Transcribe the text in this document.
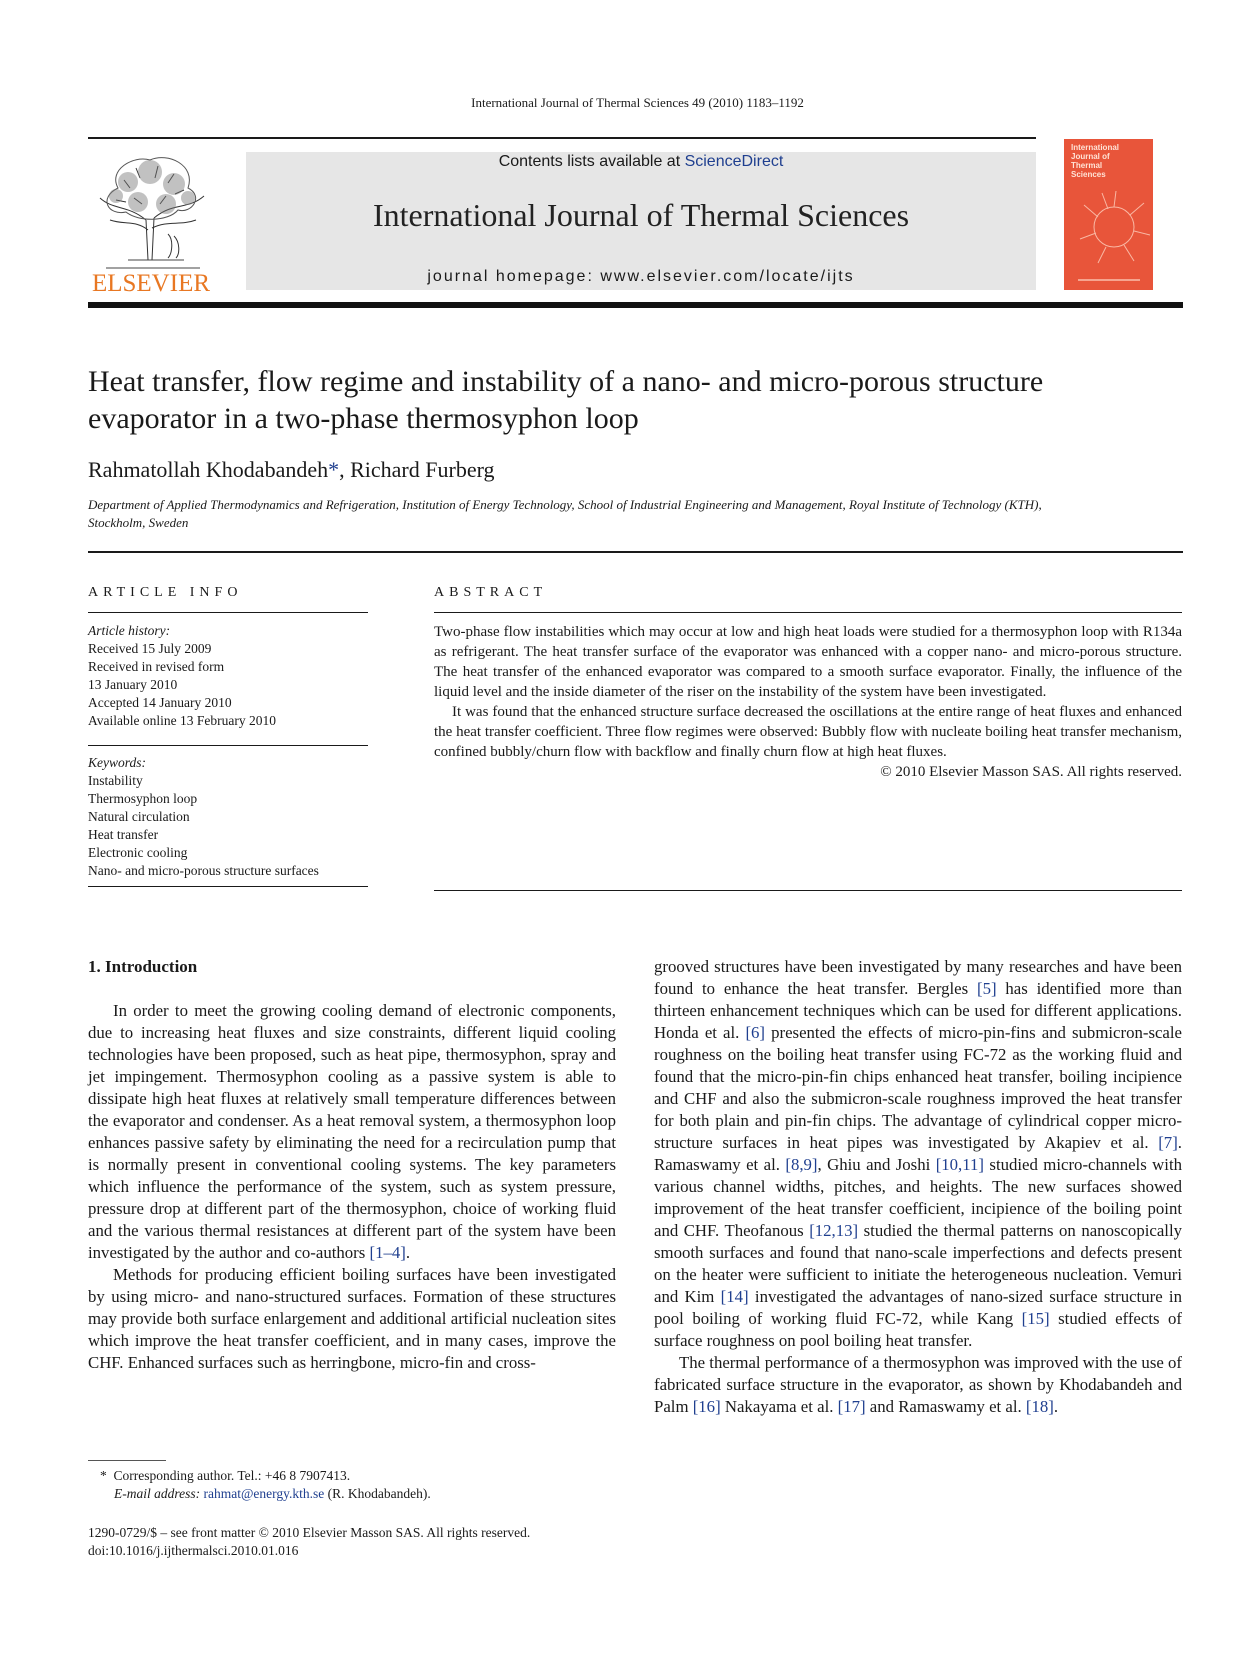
International Journal of Thermal Sciences 49 (2010) 1183–1192
ELSEVIER
Contents lists available at ScienceDirect
International Journal of Thermal Sciences
journal homepage: www.elsevier.com/locate/ijts
International
Journal of
Thermal
Sciences
Heat transfer, flow regime and instability of a nano- and micro-porous structure evaporator in a two-phase thermosyphon loop
Rahmatollah Khodabandeh*, Richard Furberg
Department of Applied Thermodynamics and Refrigeration, Institution of Energy Technology, School of Industrial Engineering and Management, Royal Institute of Technology (KTH), Stockholm, Sweden
ARTICLE INFO
Article history:
Received 15 July 2009
Received in revised form
13 January 2010
Accepted 14 January 2010
Available online 13 February 2010
Keywords:
Instability
Thermosyphon loop
Natural circulation
Heat transfer
Electronic cooling
Nano- and micro-porous structure surfaces
ABSTRACT

Two-phase flow instabilities which may occur at low and high heat loads were studied for a thermosyphon loop with R134a as refrigerant. The heat transfer surface of the evaporator was enhanced with a copper nano- and micro-porous structure. The heat transfer of the enhanced evaporator was compared to a smooth surface evaporator. Finally, the influence of the liquid level and the inside diameter of the riser on the instability of the system have been investigated.

It was found that the enhanced structure surface decreased the oscillations at the entire range of heat fluxes and enhanced the heat transfer coefficient. Three flow regimes were observed: Bubbly flow with nucleate boiling heat transfer mechanism, confined bubbly/churn flow with backflow and finally churn flow at high heat fluxes.

© 2010 Elsevier Masson SAS. All rights reserved.

1. Introduction

In order to meet the growing cooling demand of electronic components, due to increasing heat fluxes and size constraints, different liquid cooling technologies have been proposed, such as heat pipe, thermosyphon, spray and jet impingement. Thermosyphon cooling as a passive system is able to dissipate high heat fluxes at relatively small temperature differences between the evaporator and condenser. As a heat removal system, a thermosyphon loop enhances passive safety by eliminating the need for a recirculation pump that is normally present in conventional cooling systems. The key parameters which influence the performance of the system, such as system pressure, pressure drop at different part of the thermosyphon, choice of working fluid and the various thermal resistances at different part of the system have been investigated by the author and co-authors [1–4].

Methods for producing efficient boiling surfaces have been investigated by using micro- and nano-structured surfaces. Formation of these structures may provide both surface enlargement and additional artificial nucleation sites which improve the heat transfer coefficient, and in many cases, improve the CHF. Enhanced surfaces such as herringbone, micro-fin and cross-

grooved structures have been investigated by many researches and have been found to enhance the heat transfer. Bergles [5] has identified more than thirteen enhancement techniques which can be used for different applications. Honda et al. [6] presented the effects of micro-pin-fins and submicron-scale roughness on the boiling heat transfer using FC-72 as the working fluid and found that the micro-pin-fin chips enhanced heat transfer, boiling incipience and CHF and also the submicron-scale roughness improved the heat transfer for both plain and pin-fin chips. The advantage of cylindrical copper micro-structure surfaces in heat pipes was investigated by Akapiev et al. [7]. Ramaswamy et al. [8,9], Ghiu and Joshi [10,11] studied micro-channels with various channel widths, pitches, and heights. The new surfaces showed improvement of the heat transfer coefficient, incipience of the boiling point and CHF. Theofanous [12,13] studied the thermal patterns on nanoscopically smooth surfaces and found that nano-scale imperfections and defects present on the heater were sufficient to initiate the heterogeneous nucleation. Vemuri and Kim [14] investigated the advantages of nano-sized surface structure in pool boiling of working fluid FC-72, while Kang [15] studied effects of surface roughness on pool boiling heat transfer.

The thermal performance of a thermosyphon was improved with the use of fabricated surface structure in the evaporator, as shown by Khodabandeh and Palm [16] Nakayama et al. [17] and Ramaswamy et al. [18].

* Corresponding author. Tel.: +46 8 7907413.
E-mail address: rahmat@energy.kth.se (R. Khodabandeh).
1290-0729/$ – see front matter © 2010 Elsevier Masson SAS. All rights reserved.
doi:10.1016/j.ijthermalsci.2010.01.016
